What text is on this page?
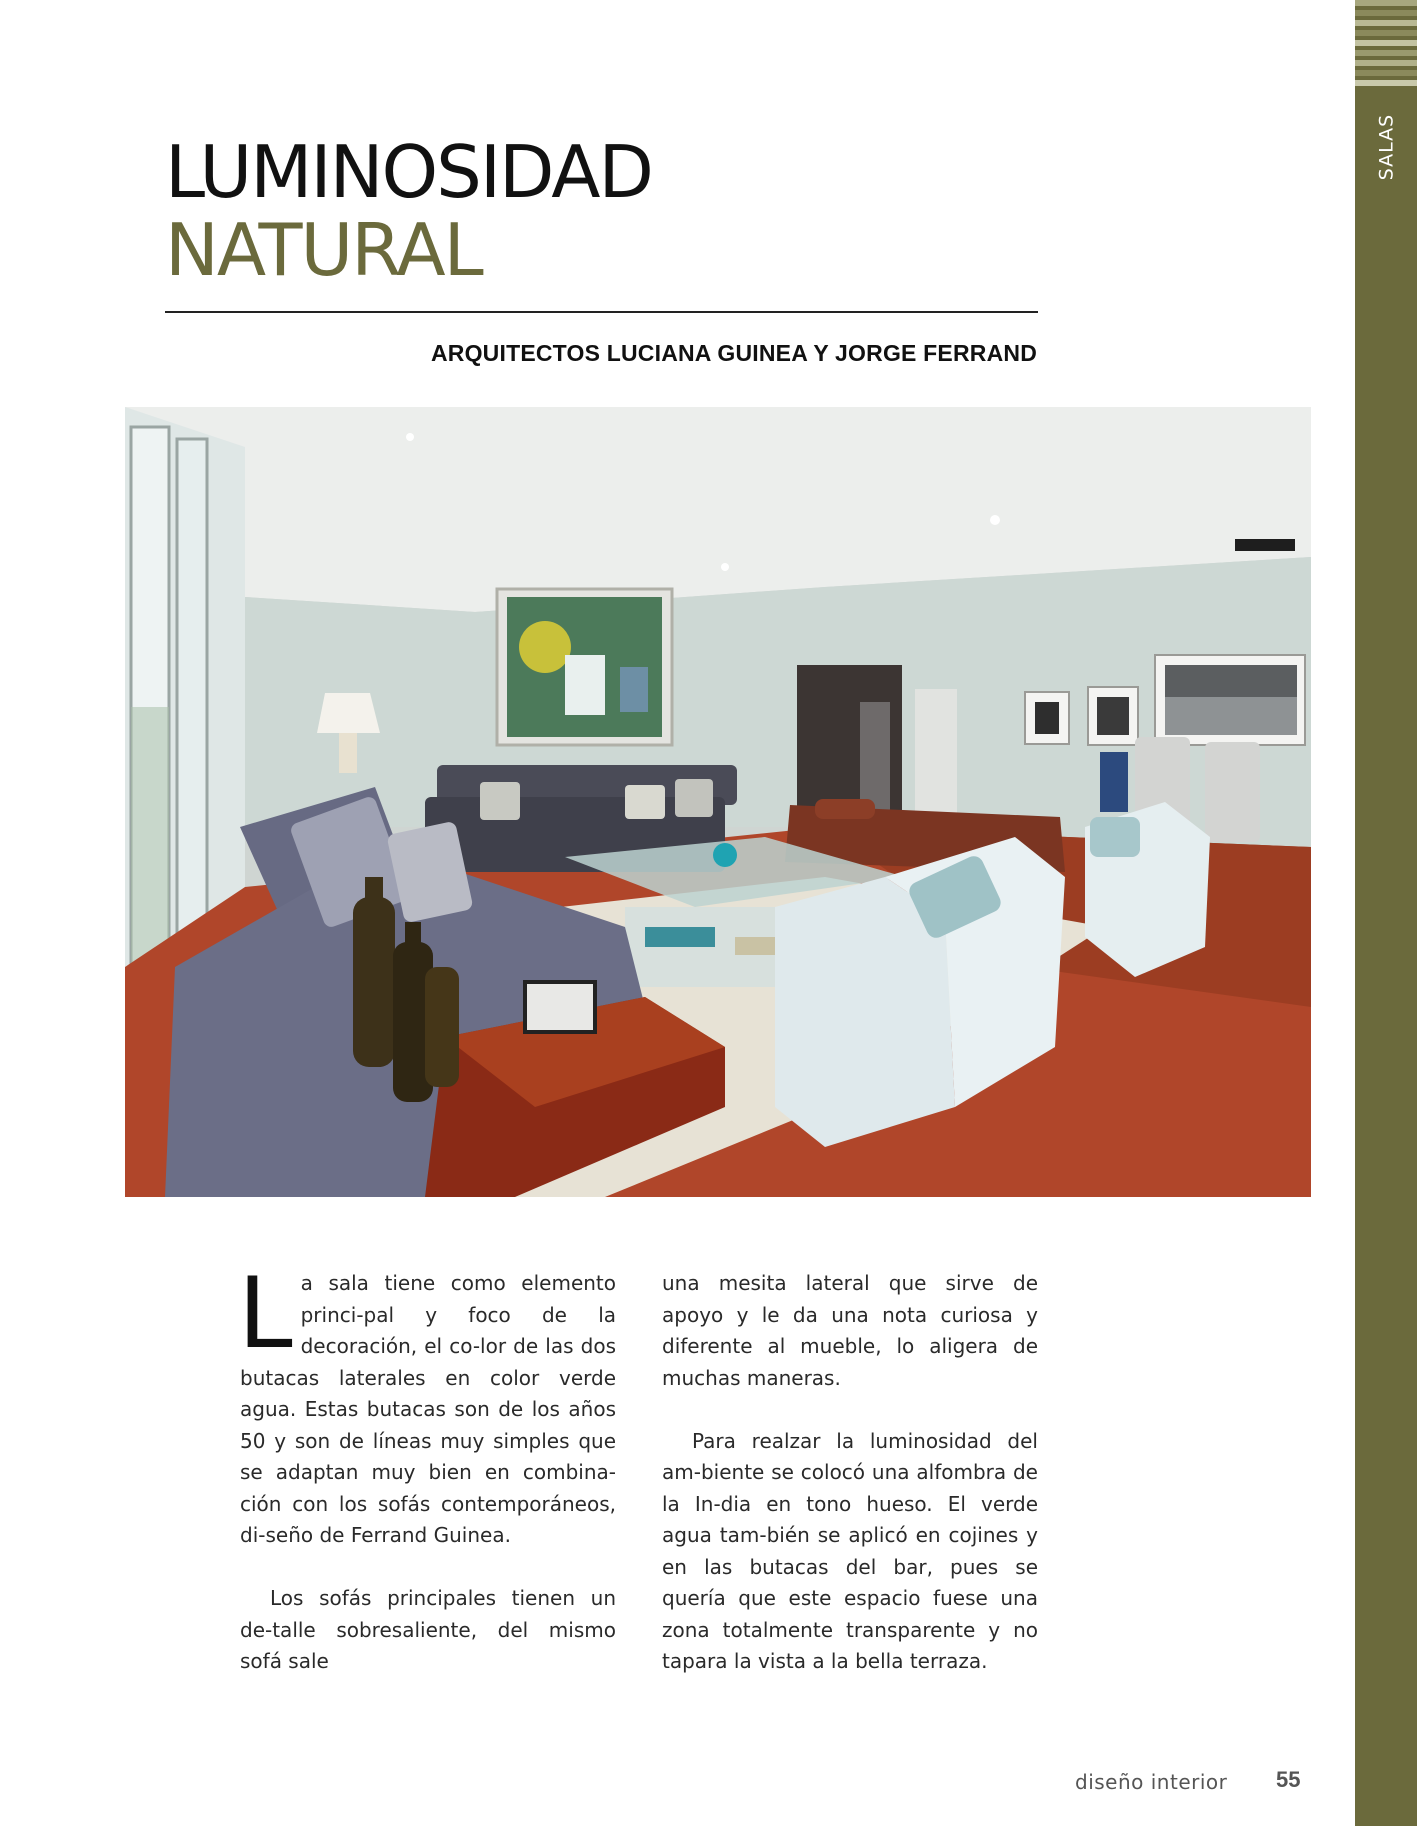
SALAS
LUMINOSIDAD
NATURAL
ARQUITECTOS LUCIANA GUINEA Y JORGE FERRAND

L a sala tiene como elemento princi-pal y foco de la decoración, el co-lor de las dos butacas laterales en color verde agua. Estas butacas son de los años 50 y son de líneas muy simples que se adaptan muy bien en combina-ción con los sofás contemporáneos, di-seño de Ferrand Guinea.

Los sofás principales tienen un de-talle sobresaliente, del mismo sofá sale

una mesita lateral que sirve de apoyo y le da una nota curiosa y diferente al mueble, lo aligera de muchas maneras.

Para realzar la luminosidad del am-biente se colocó una alfombra de la In-dia en tono hueso. El verde agua tam-bién se aplicó en cojines y en las butacas del bar, pues se quería que este espacio fuese una zona totalmente transparente y no tapara la vista a la bella terraza.

diseño interior 55
